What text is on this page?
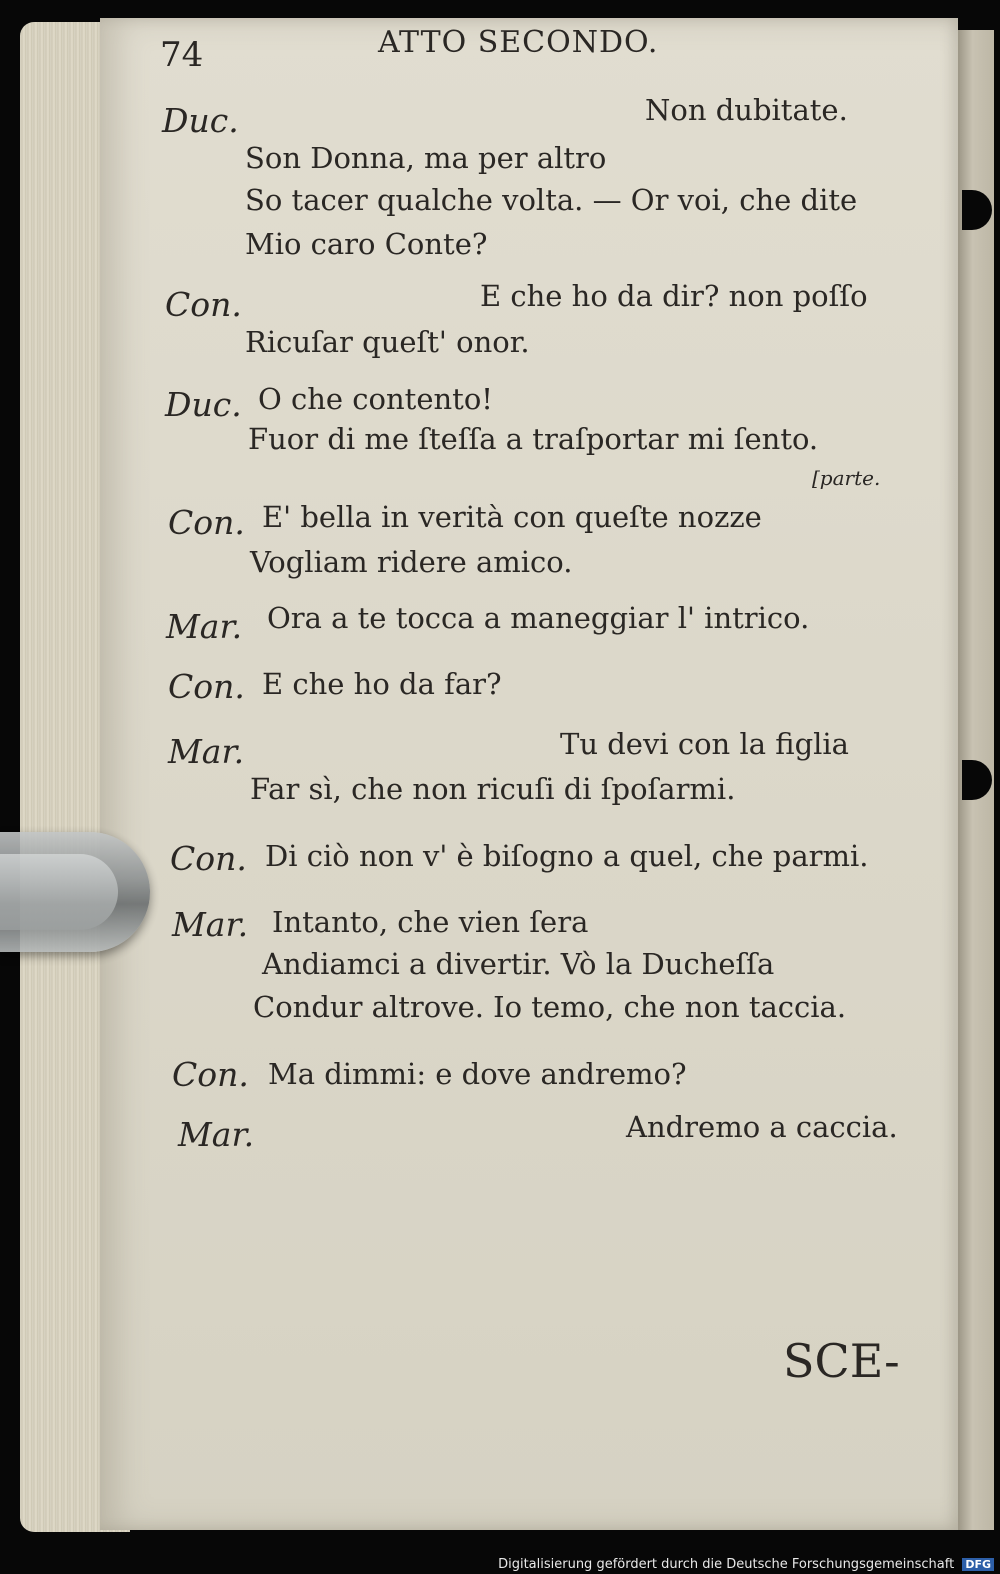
74	ATTO SECONDO.
Duc.	Non dubitate.
Son Donna, ma per altro
So tacer qualche volta. — Or voi, che dite
Mio caro Conte?
Con.	E che ho da dir? non poſſo
Ricuſar queſt' onor.
Duc. O che contento!
Fuor di me ſteſſa a traſportar mi ſento.
[parte.
Con. E' bella in verità con queſte nozze
Vogliam ridere amico.
Mar. Ora a te tocca a maneggiar l' intrico.
Con. E che ho da far?
Mar.	Tu devi con la figlia
Far sì, che non ricuſi di ſpoſarmi.
Con. Di ciò non v' è biſogno a quel, che parmi.
Mar. Intanto, che vien ſera
Andiamci a divertir. Vò la Ducheſſa
Condur altrove. Io temo, che non taccia.
Con. Ma dimmi: e dove andremo?
Mar.	Andremo a caccia.
SCE-
Digitalisierung gefördert durch die Deutsche Forschungsgemeinschaft DFG
